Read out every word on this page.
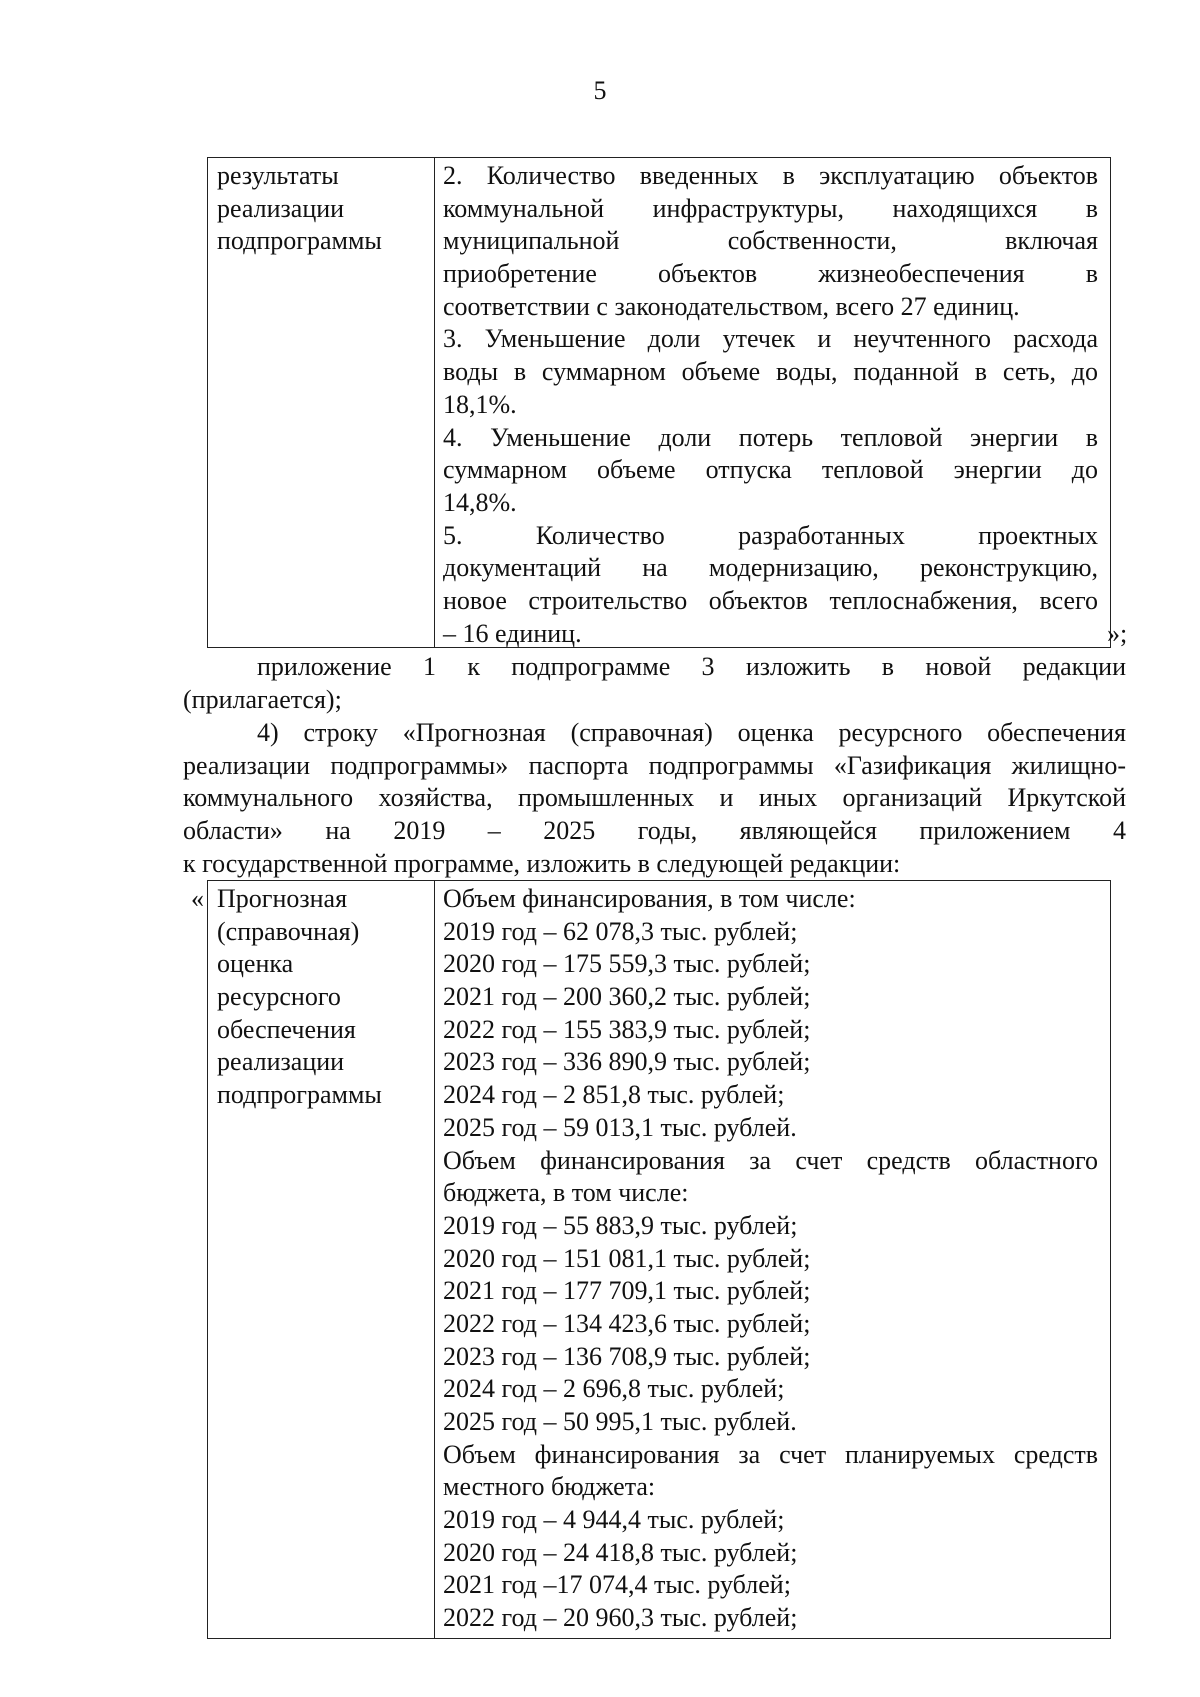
5
результаты
реализации
подпрограммы
2. Количество введенных в эксплуатацию объектов
коммунальной инфраструктуры, находящихся в
муниципальной собственности, включая
приобретение объектов жизнеобеспечения в
соответствии с законодательством, всего 27 единиц.
3. Уменьшение доли утечек и неучтенного расхода
воды в суммарном объеме воды, поданной в сеть, до
18,1%.
4. Уменьшение доли потерь тепловой энергии в
суммарном объеме отпуска тепловой энергии до
14,8%.
5. Количество разработанных проектных
документаций на модернизацию, реконструкцию,
новое строительство объектов теплоснабжения, всего
– 16 единиц.	»;
приложение 1 к подпрограмме 3 изложить в новой редакции
(прилагается);
4) строку «Прогнозная (справочная) оценка ресурсного обеспечения
реализации подпрограммы» паспорта подпрограммы «Газификация жилищно-
коммунального хозяйства, промышленных и иных организаций Иркутской
области» на 2019 – 2025 годы, являющейся приложением 4
к государственной программе, изложить в следующей редакции:
« Прогнозная
(справочная)
оценка
ресурсного
обеспечения
реализации
подпрограммы
Объем финансирования, в том числе:
2019 год – 62 078,3 тыс. рублей;
2020 год – 175 559,3 тыс. рублей;
2021 год – 200 360,2 тыс. рублей;
2022 год – 155 383,9 тыс. рублей;
2023 год – 336 890,9 тыс. рублей;
2024 год – 2 851,8 тыс. рублей;
2025 год – 59 013,1 тыс. рублей.
Объем финансирования за счет средств областного
бюджета, в том числе:
2019 год – 55 883,9 тыс. рублей;
2020 год – 151 081,1 тыс. рублей;
2021 год – 177 709,1 тыс. рублей;
2022 год – 134 423,6 тыс. рублей;
2023 год – 136 708,9 тыс. рублей;
2024 год – 2 696,8 тыс. рублей;
2025 год – 50 995,1 тыс. рублей.
Объем финансирования за счет планируемых средств
местного бюджета:
2019 год – 4 944,4 тыс. рублей;
2020 год – 24 418,8 тыс. рублей;
2021 год –17 074,4 тыс. рублей;
2022 год – 20 960,3 тыс. рублей;
